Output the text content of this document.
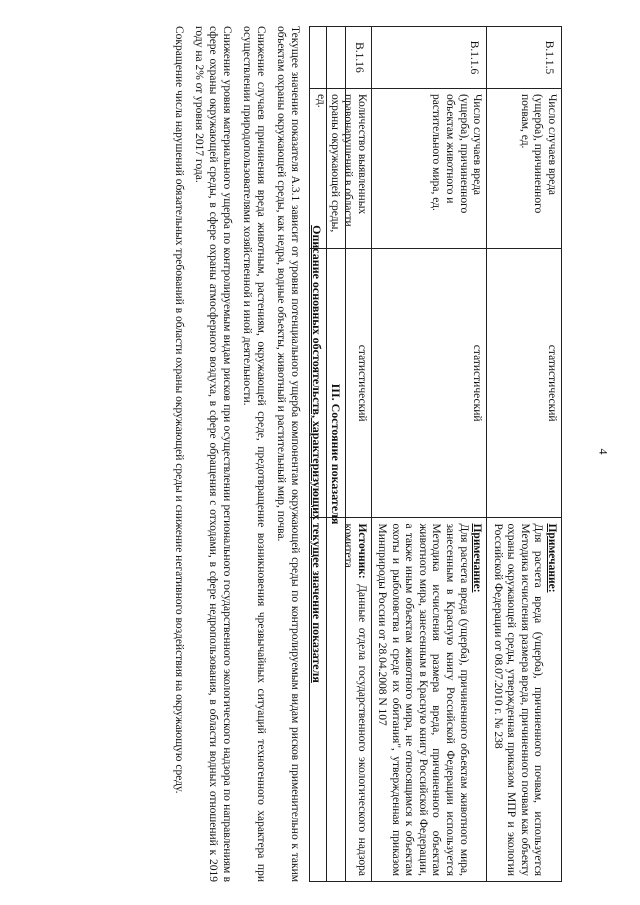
4
B.1.1.5	Число случаев вреда (ущерба), причиненного почвам, ед.	статистический	Примечание:
Для расчета вреда (ущерба), причиненного почвам, используется Методика исчисления размера вреда, причиненного почвам как объекту охраны окружающей среды, утвержденная приказом МПР и экологии Российской Федерации от 08.07.2010 г. № 238
B.1.1.6	Число случаев вреда (ущерба), причиненного объектам животного и растительного мира, ед.	статистический	Примечание:
Для расчета вреда (ущерба), причиненного объектам животного мира, занесенным в Красную книгу Российской Федерации используется Методика исчисления размера вреда, причиненного объектам животного мира, занесенным в Красную книгу Российской Федерации, а также иным объектам животного мира, не относящимся к объектам охоты и рыболовства и среде их обитания", утвержденная приказом Минприроды России от 28.04.2008 N 107
B.1.16	Количество выявленных правонарушений в области охраны окружающей среды, ед.	статистический	Источник: Данные отдела государственного экологического надзора комитета
III. Состояние показателя
Описание основных обстоятельств, характеризующих текущее значение показателя

Текущее значение показателя А.3.1 зависит от уровня потенциального ущерба компонентам окружающей среды по контролируемым видам рисков применительно к таким объектам охраны окружающей среды, как недра, водные объекты, животный и растительный мир, почва.

Снижение случаев причинения вреда животным, растениям, окружающей среде, предотвращение возникновения чрезвычайных ситуаций техногенного характера при осуществлении природопользователями хозяйственной и иной деятельности.

Снижение уровня материального ущерба по контролируемым видам рисков при осуществлении регионального государственного экологического надзора по направлениям в сфере охраны окружающей среды, в сфере охраны атмосферного воздуха, в сфере обращения с отходами, в сфере недропользования, в области водных отношений к 2019 году на 2% от уровня 2017 года.

Сокращение числа нарушений обязательных требований в области охраны окружающей среды и снижение негативного воздействия на окружающую среду.
